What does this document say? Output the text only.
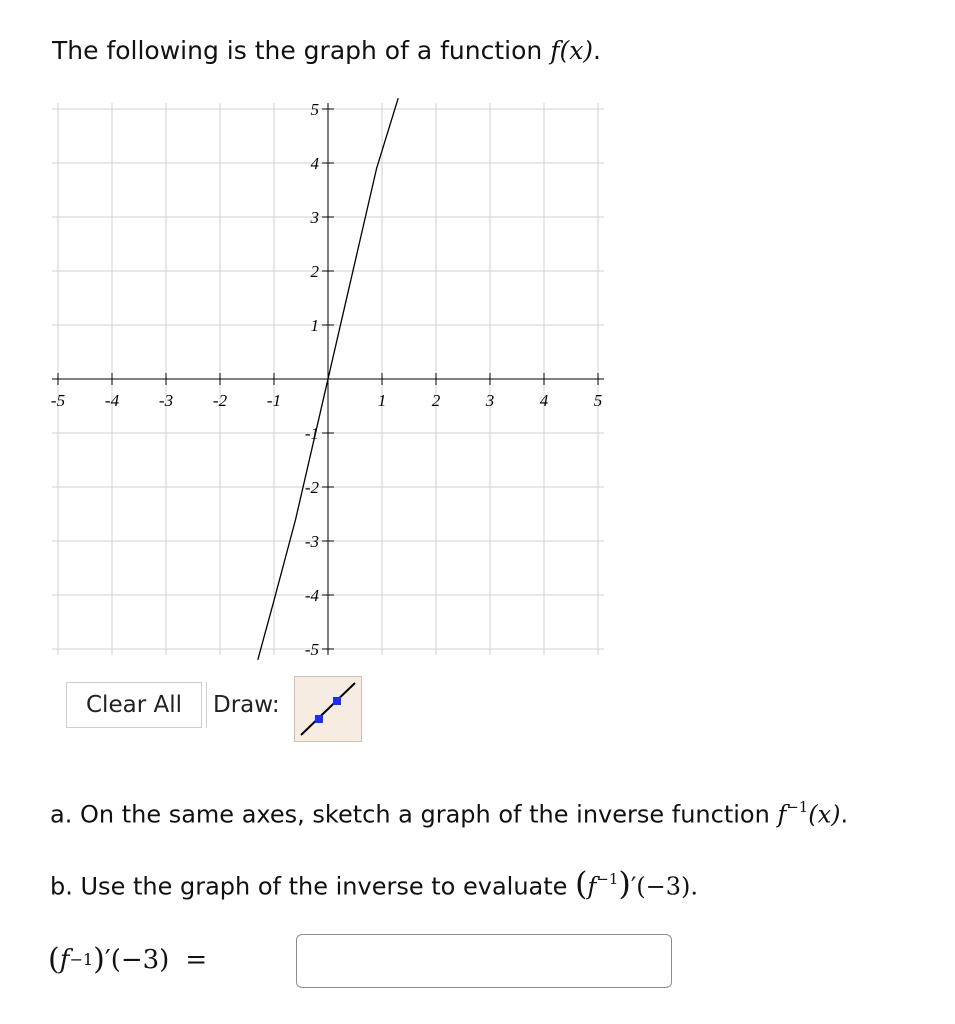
The following is the graph of a function f(x).
-5 -4 -3 -2 -1	1	2	3	4	5
5
4
3
2
1
-1
-2
-3
-4
-5
Clear All	Draw:
a. On the same axes, sketch a graph of the inverse function $f^{-1}(x)$.
b. Use the graph of the inverse to evaluate $(f^{-1})'(-3)$.
( f −1 ) ′(−3) =
